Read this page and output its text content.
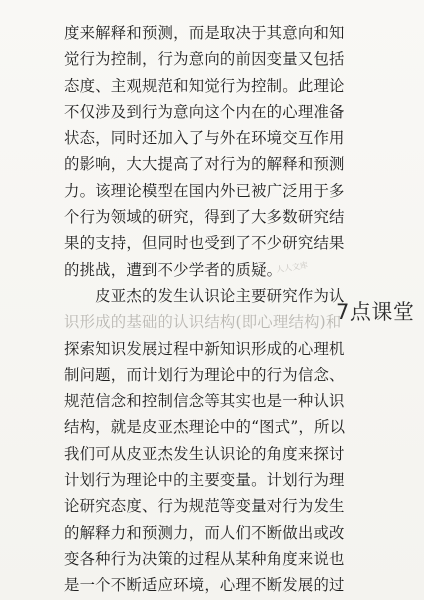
度来解释和预测，而是取决于其意向和知
觉行为控制，行为意向的前因变量又包括
态度、主观规范和知觉行为控制。此理论
不仅涉及到行为意向这个内在的心理准备
状态，同时还加入了与外在环境交互作用
的影响，大大提高了对行为的解释和预测
力。该理论模型在国内外已被广泛用于多
个行为领域的研究，得到了大多数研究结
果的支持，但同时也受到了不少研究结果
的挑战，遭到不少学者的质疑。
　　皮亚杰的发生认识论主要研究作为认
识形成的基础的认识结构(即心理结构)和
探索知识发展过程中新知识形成的心理机
制问题，而计划行为理论中的行为信念、
规范信念和控制信念等其实也是一种认识
结构，就是皮亚杰理论中的“图式”，所以
我们可从皮亚杰发生认识论的角度来探讨
计划行为理论中的主要变量。计划行为理
论研究态度、行为规范等变量对行为发生
的解释力和预测力，而人们不断做出或改
变各种行为决策的过程从某种角度来说也
是一个不断适应环境，心理不断发展的过
人人文库
7点课堂
